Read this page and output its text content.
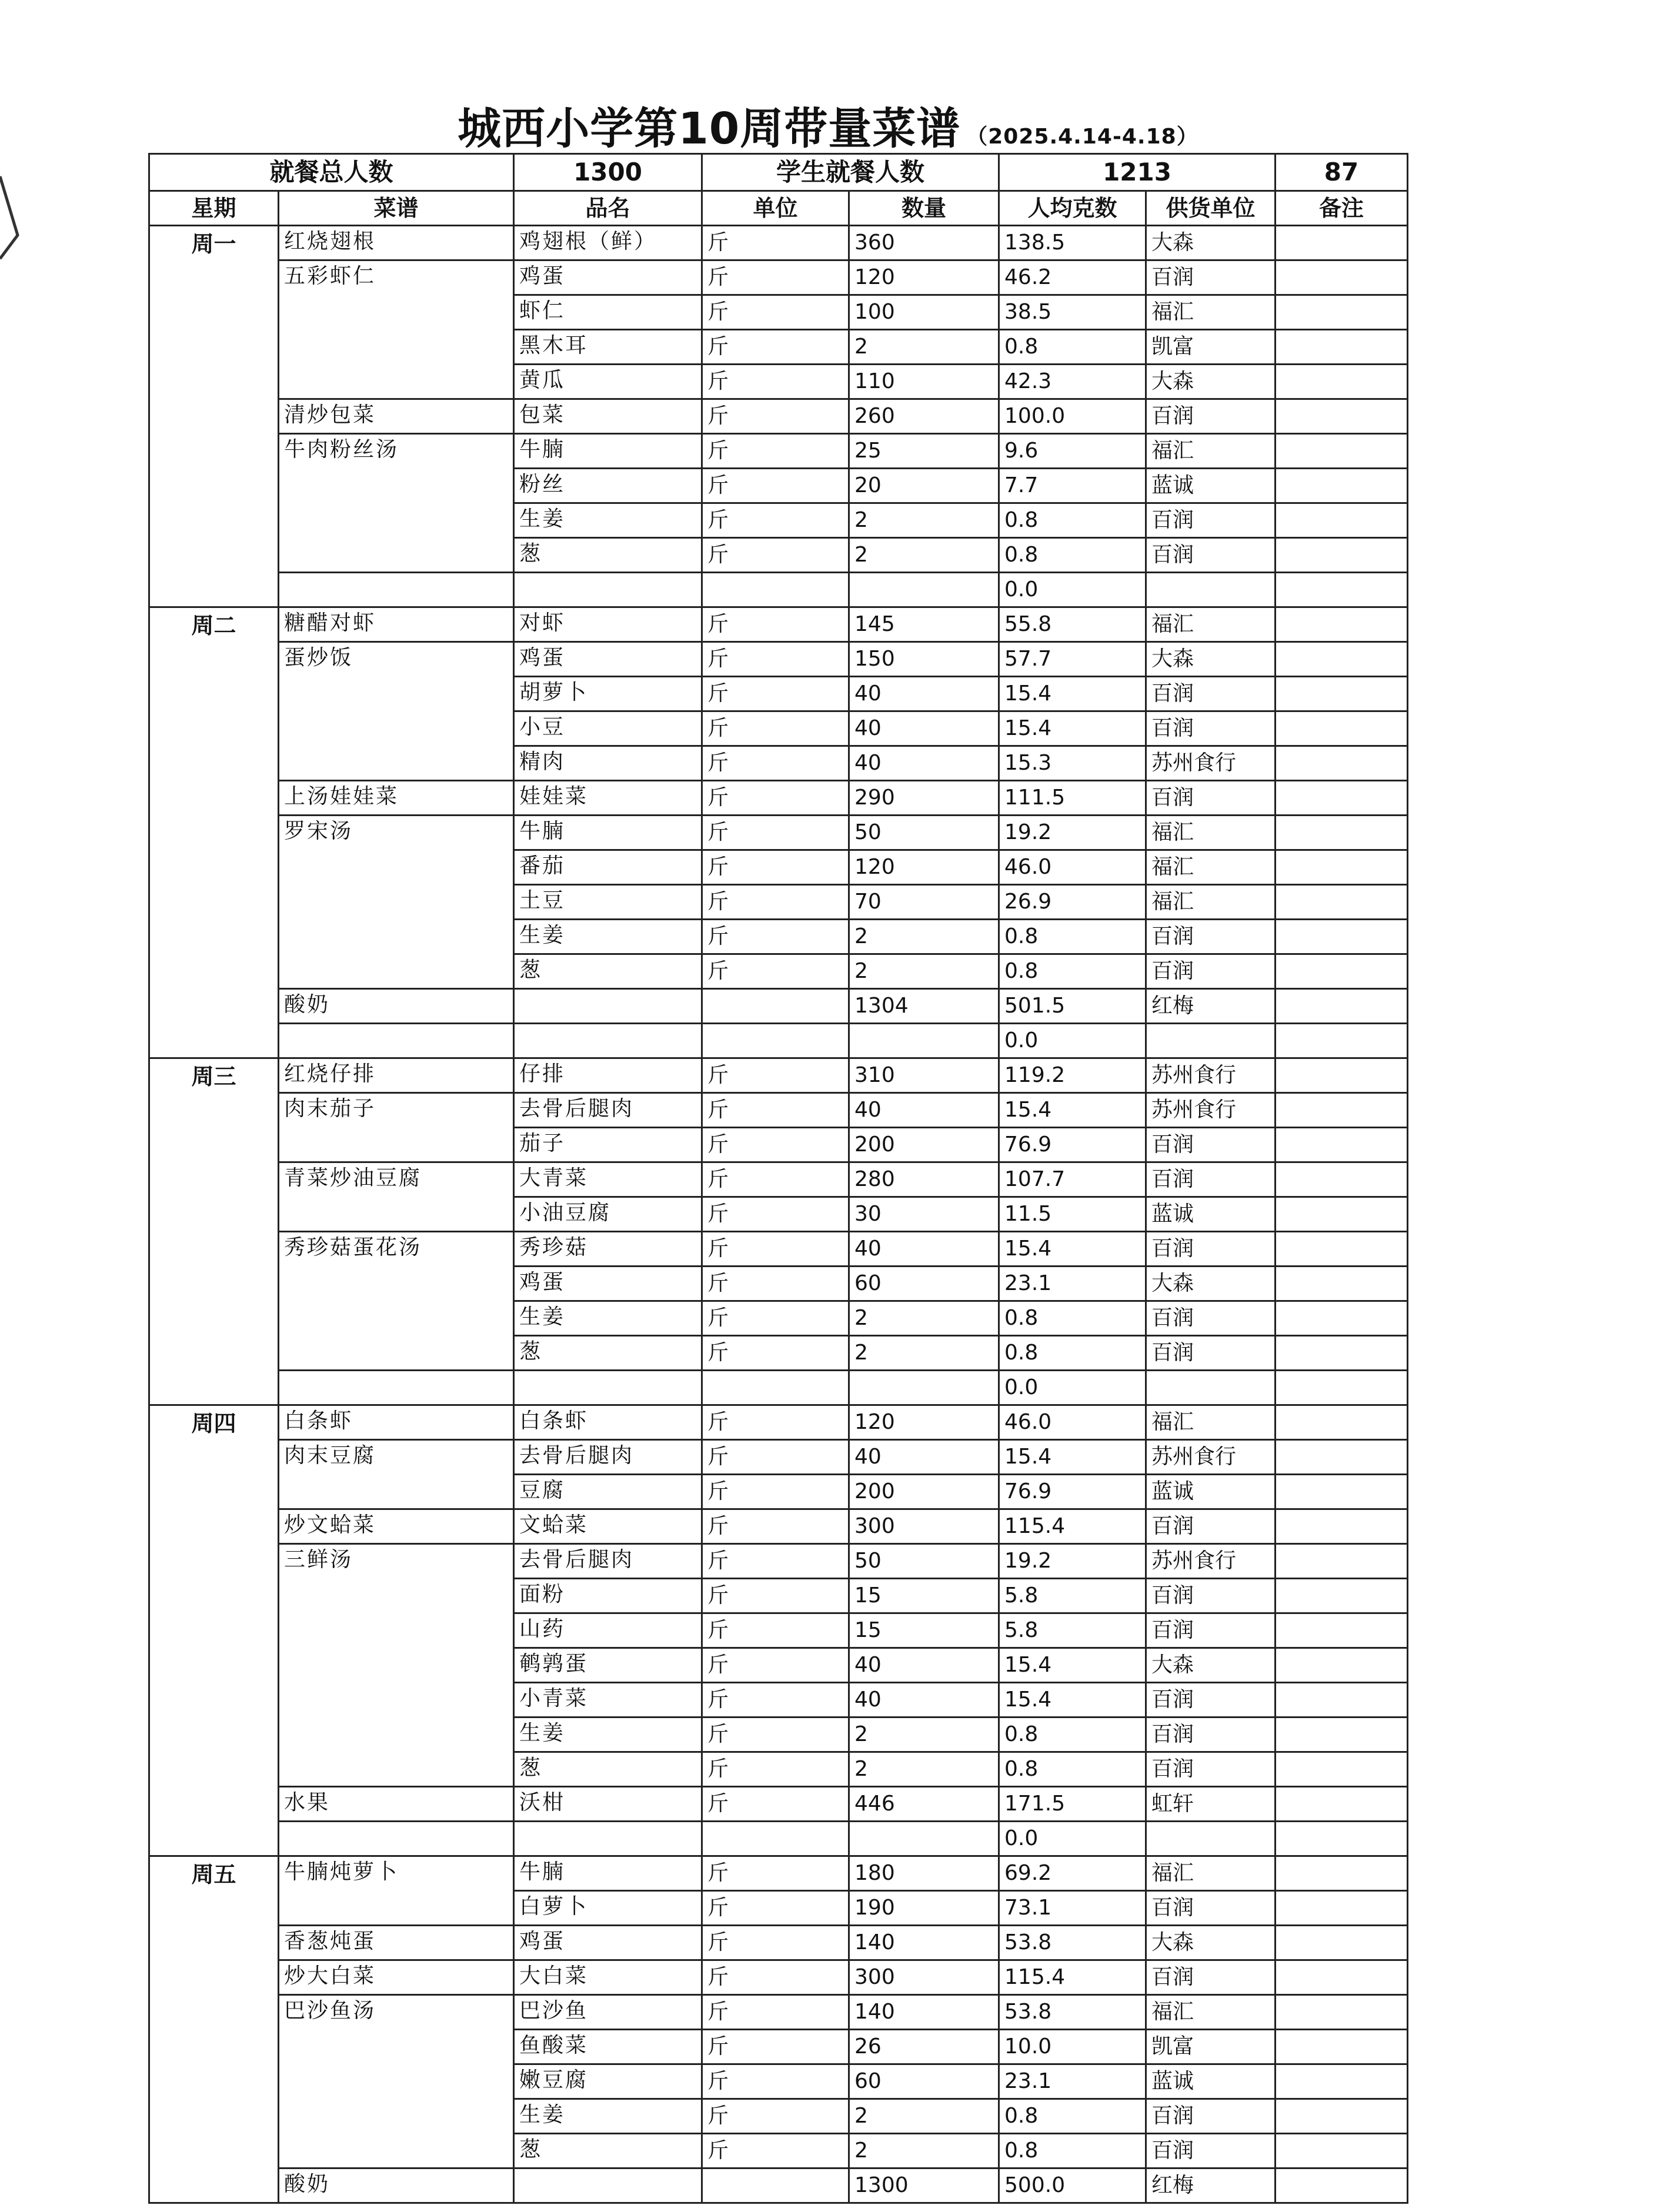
城西小学第10周带量菜谱 （2025.4.14-4.18）
就餐总人数		1300	学生就餐人数		1213		87
星期	菜谱	品名	单位	数量	人均克数	供货单位	备注
周一	红烧翅根	鸡翅根（鲜）	斤	360	138.5	大森	
	五彩虾仁	鸡蛋	斤	120	46.2	百润	
		虾仁	斤	100	38.5	福汇	
		黑木耳	斤	2	0.8	凯富	
		黄瓜	斤	110	42.3	大森	
	清炒包菜	包菜	斤	260	100.0	百润	
	牛肉粉丝汤	牛腩	斤	25	9.6	福汇	
		粉丝	斤	20	7.7	蓝诚	
		生姜	斤	2	0.8	百润	
		葱	斤	2	0.8	百润	
					0.0		
周二	糖醋对虾	对虾	斤	145	55.8	福汇	
	蛋炒饭	鸡蛋	斤	150	57.7	大森	
		胡萝卜	斤	40	15.4	百润	
		小豆	斤	40	15.4	百润	
		精肉	斤	40	15.3	苏州食行	
	上汤娃娃菜	娃娃菜	斤	290	111.5	百润	
	罗宋汤	牛腩	斤	50	19.2	福汇	
		番茄	斤	120	46.0	福汇	
		土豆	斤	70	26.9	福汇	
		生姜	斤	2	0.8	百润	
		葱	斤	2	0.8	百润	
	酸奶			1304	501.5	红梅	
					0.0		
周三	红烧仔排	仔排	斤	310	119.2	苏州食行	
	肉末茄子	去骨后腿肉	斤	40	15.4	苏州食行	
		茄子	斤	200	76.9	百润	
	青菜炒油豆腐	大青菜	斤	280	107.7	百润	
		小油豆腐	斤	30	11.5	蓝诚	
	秀珍菇蛋花汤	秀珍菇	斤	40	15.4	百润	
		鸡蛋	斤	60	23.1	大森	
		生姜	斤	2	0.8	百润	
		葱	斤	2	0.8	百润	
					0.0		
周四	白条虾	白条虾	斤	120	46.0	福汇	
	肉末豆腐	去骨后腿肉	斤	40	15.4	苏州食行	
		豆腐	斤	200	76.9	蓝诚	
	炒文蛤菜	文蛤菜	斤	300	115.4	百润	
	三鲜汤	去骨后腿肉	斤	50	19.2	苏州食行	
		面粉	斤	15	5.8	百润	
		山药	斤	15	5.8	百润	
		鹌鹑蛋	斤	40	15.4	大森	
		小青菜	斤	40	15.4	百润	
		生姜	斤	2	0.8	百润	
		葱	斤	2	0.8	百润	
	水果	沃柑	斤	446	171.5	虹轩	
					0.0		
周五	牛腩炖萝卜	牛腩	斤	180	69.2	福汇	
		白萝卜	斤	190	73.1	百润	
	香葱炖蛋	鸡蛋	斤	140	53.8	大森	
	炒大白菜	大白菜	斤	300	115.4	百润	
	巴沙鱼汤	巴沙鱼	斤	140	53.8	福汇	
		鱼酸菜	斤	26	10.0	凯富	
		嫩豆腐	斤	60	23.1	蓝诚	
		生姜	斤	2	0.8	百润	
		葱	斤	2	0.8	百润	
	酸奶			1300	500.0	红梅	
